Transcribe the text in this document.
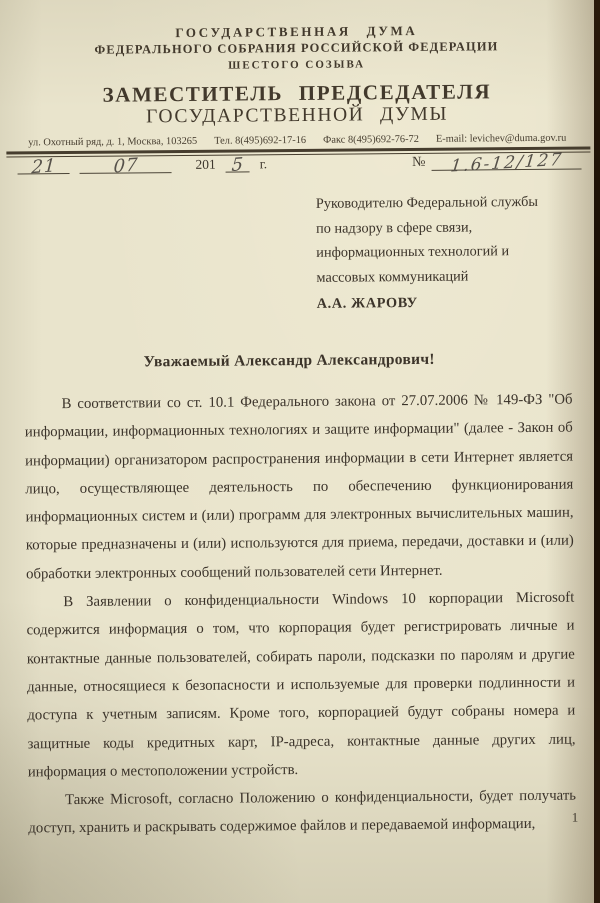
ГОСУДАРСТВЕННАЯ ДУМА
ФЕДЕРАЛЬНОГО СОБРАНИЯ РОССИЙСКОЙ ФЕДЕРАЦИИ
ШЕСТОГО СОЗЫВА
ЗАМЕСТИТЕЛЬ ПРЕДСЕДАТЕЛЯ
ГОСУДАРСТВЕННОЙ ДУМЫ
ул. Охотный ряд, д. 1, Москва, 103265 Тел. 8(495)692-17-16 Факс 8(495)692-76-72 E-mail: levichev@duma.gov.ru
21	07	201 5 г.	№ 1.6-12/127
Руководителю Федеральной службы
по надзору в сфере связи,
информационных технологий и
массовых коммуникаций
А.А. ЖАРОВУ
Уважаемый Александр Александрович!

В соответствии со ст. 10.1 Федерального закона от 27.07.2006 № 149-ФЗ "Об информации, информационных технологиях и защите информации" (далее - Закон об информации) организатором распространения информации в сети Интернет является лицо, осуществляющее деятельность по обеспечению функционирования информационных систем и (или) программ для электронных вычислительных машин, которые предназначены и (или) используются для приема, передачи, доставки и (или) обработки электронных сообщений пользователей сети Интернет.

В Заявлении о конфиденциальности Windows 10 корпорации Microsoft содержится информация о том, что корпорация будет регистрировать личные и контактные данные пользователей, собирать пароли, подсказки по паролям и другие данные, относящиеся к безопасности и используемые для проверки подлинности и доступа к учетным записям. Кроме того, корпорацией будут собраны номера и защитные коды кредитных карт, IP-адреса, контактные данные других лиц, информация о местоположении устройств.

Также Microsoft, согласно Положению о конфиденциальности, будет получать доступ, хранить и раскрывать содержимое файлов и передаваемой информации,	1
